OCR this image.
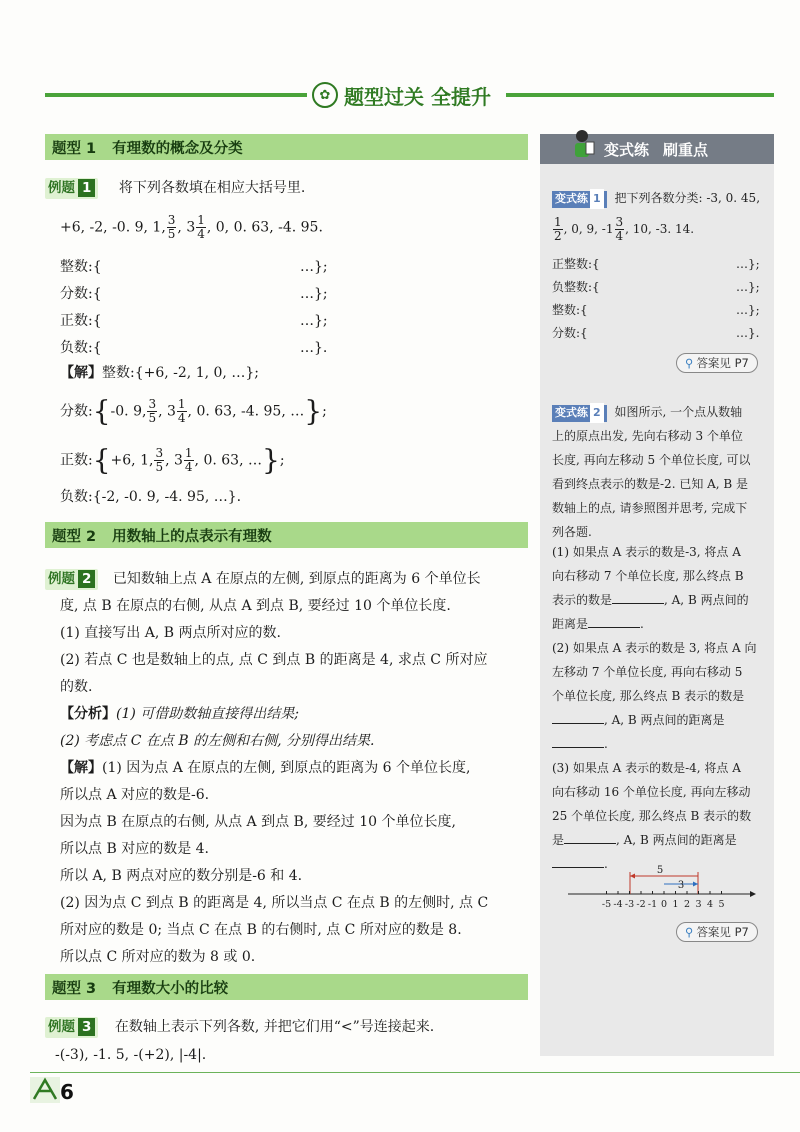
✿ 题型过关 全提升
题型 1 有理数的概念及分类
例题 1 将下列各数填在相应大括号里.
+6, -2, -0. 9, 1, $\frac{3}{5}$ , $3 \frac{1}{4}$ , 0, 0. 63, -4. 95.
整数:{	…};
分数:{	…};
正数:{	…};
负数:{	…}.
【解】整数:{+6, -2, 1, 0, …};
分数:{-0. 9, $\frac{3}{5}$ , $3 \frac{1}{4}$ , 0. 63, -4. 95, …};
正数:{+6, 1, $\frac{3}{5}$ , $3 \frac{1}{4}$ , 0. 63, …};
负数:{-2, -0. 9, -4. 95, …}.
题型 2 用数轴上的点表示有理数
例题 2 已知数轴上点 A 在原点的左侧, 到原点的距离为 6 个单位长
度, 点 B 在原点的右侧, 从点 A 到点 B, 要经过 10 个单位长度.
(1) 直接写出 A, B 两点所对应的数.
(2) 若点 C 也是数轴上的点, 点 C 到点 B 的距离是 4, 求点 C 所对应
的数.
【分析】(1) 可借助数轴直接得出结果;
(2) 考虑点 C 在点 B 的左侧和右侧, 分别得出结果.
【解】(1) 因为点 A 在原点的左侧, 到原点的距离为 6 个单位长度,
所以点 A 对应的数是-6.
因为点 B 在原点的右侧, 从点 A 到点 B, 要经过 10 个单位长度,
所以点 B 对应的数是 4.
所以 A, B 两点对应的数分别是-6 和 4.
(2) 因为点 C 到点 B 的距离是 4, 所以当点 C 在点 B 的左侧时, 点 C
所对应的数是 0; 当点 C 在点 B 的右侧时, 点 C 所对应的数是 8.
所以点 C 所对应的数为 8 或 0.
题型 3 有理数大小的比较
例题 3 在数轴上表示下列各数, 并把它们用“<”号连接起来.
-(-3), -1. 5, -(+2), |-4|.
变式练 刷重点
变式练 1 把下列各数分类: -3, 0. 45,
$\frac{1}{2}$ , 0, 9, $-1 \frac{3}{4}$ , 10, -3. 14.
正整数:{	…};
负整数:{	…};
整数:{	…};
分数:{	…}.
⚲ 答案见 P7
变式练 2 如图所示, 一个点从数轴
上的原点出发, 先向右移动 3 个单位
长度, 再向左移动 5 个单位长度, 可以
看到终点表示的数是-2. 已知 A, B 是
数轴上的点, 请参照图并思考, 完成下
列各题.
(1) 如果点 A 表示的数是-3, 将点 A
向右移动 7 个单位长度, 那么终点 B
表示的数是	, A, B 两点间的
距离是	.
(2) 如果点 A 表示的数是 3, 将点 A 向
左移动 7 个单位长度, 再向右移动 5
个单位长度, 那么终点 B 表示的数是
, A, B 两点间的距离是
.
(3) 如果点 A 表示的数是-4, 将点 A
向右移动 16 个单位长度, 再向左移动
25 个单位长度, 那么终点 B 表示的数
是	, A, B 两点间的距离是
.	5
3
-5 -4 -3 -2 -1 0 1 2 3 4 5
⚲ 答案见 P7
6
